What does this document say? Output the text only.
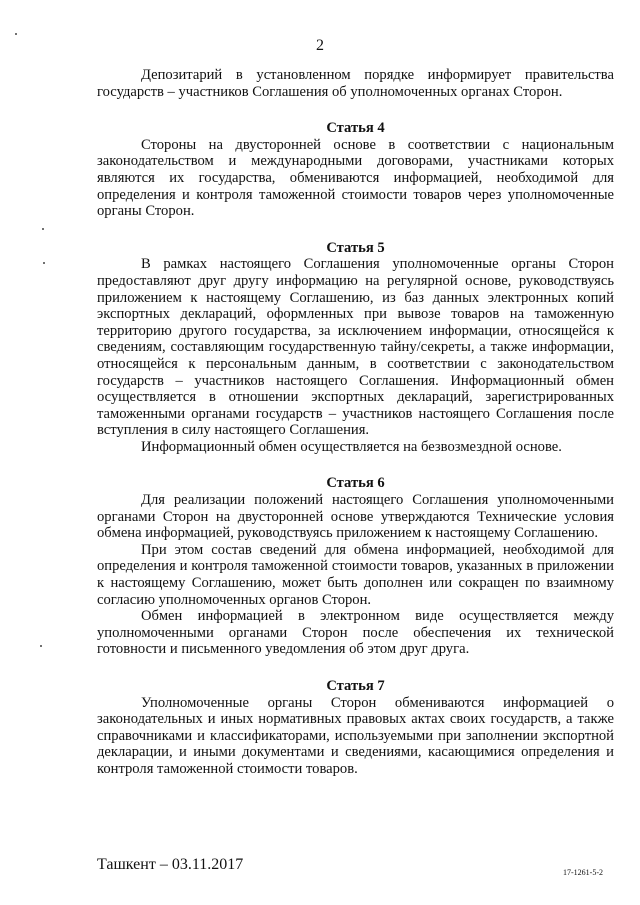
2

Депозитарий в установленном порядке информирует правительства государств – участников Соглашения об уполномоченных органах Сторон.

Статья 4

Стороны на двусторонней основе в соответствии с национальным законодательством и международными договорами, участниками которых являются их государства, обмениваются информацией, необходимой для определения и контроля таможенной стоимости товаров через уполномоченные органы Сторон.

Статья 5

В рамках настоящего Соглашения уполномоченные органы Сторон предоставляют друг другу информацию на регулярной основе, руководствуясь приложением к настоящему Соглашению, из баз данных электронных копий экспортных деклараций, оформленных при вывозе товаров на таможенную территорию другого государства, за исключением информации, относящейся к сведениям, составляющим государственную тайну/секреты, а также информации, относящейся к персональным данным, в соответствии с законодательством государств – участников настоящего Соглашения. Информационный обмен осуществляется в отношении экспортных деклараций, зарегистрированных таможенными органами государств – участников настоящего Соглашения после вступления в силу настоящего Соглашения.

Информационный обмен осуществляется на безвозмездной основе.

Статья 6

Для реализации положений настоящего Соглашения уполномоченными органами Сторон на двусторонней основе утверждаются Технические условия обмена информацией, руководствуясь приложением к настоящему Соглашению.

При этом состав сведений для обмена информацией, необходимой для определения и контроля таможенной стоимости товаров, указанных в приложении к настоящему Соглашению, может быть дополнен или сокращен по взаимному согласию уполномоченных органов Сторон.

Обмен информацией в электронном виде осуществляется между уполномоченными органами Сторон после обеспечения их технической готовности и письменного уведомления об этом друг друга.

Статья 7

Уполномоченные органы Сторон обмениваются информацией о законодательных и иных нормативных правовых актах своих государств, а также справочниками и классификаторами, используемыми при заполнении экспортной декларации, и иными документами и сведениями, касающимися определения и контроля таможенной стоимости товаров.

Ташкент – 03.11.2017	17-1261-5-2
